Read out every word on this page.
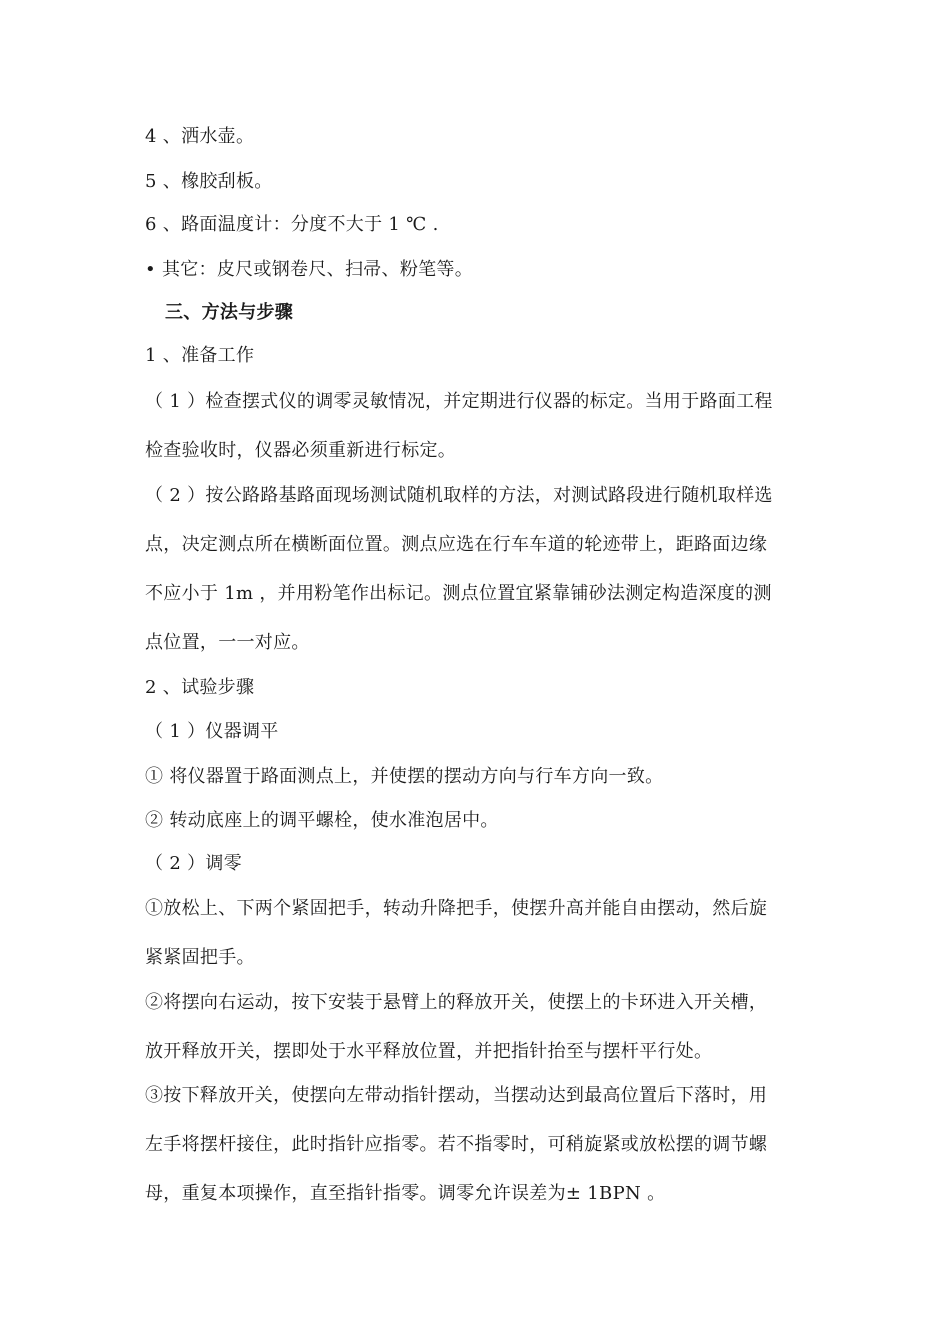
4 、洒水壶。
5 、橡胶刮板。
6 、路面温度计：分度不大于 1 ℃ .
• 其它：皮尺或钢卷尺、扫帚、粉笔等。
三、方法与步骤
1 、准备工作
（ 1 ）检查摆式仪的调零灵敏情况，并定期进行仪器的标定。当用于路面工程
检查验收时，仪器必须重新进行标定。
（ 2 ）按公路路基路面现场测试随机取样的方法，对测试路段进行随机取样选
点，决定测点所在横断面位置。测点应选在行车车道的轮迹带上，距路面边缘
不应小于 1m ，并用粉笔作出标记。测点位置宜紧靠铺砂法测定构造深度的测
点位置，一一对应。
2 、试验步骤
（ 1 ）仪器调平
① 将仪器置于路面测点上，并使摆的摆动方向与行车方向一致。
② 转动底座上的调平螺栓，使水准泡居中。
（ 2 ）调零
①放松上、下两个紧固把手，转动升降把手，使摆升高并能自由摆动，然后旋
紧紧固把手。
②将摆向右运动，按下安装于悬臂上的释放开关，使摆上的卡环进入开关槽，
放开释放开关，摆即处于水平释放位置，并把指针抬至与摆杆平行处。
③按下释放开关，使摆向左带动指针摆动，当摆动达到最高位置后下落时，用
左手将摆杆接住，此时指针应指零。若不指零时，可稍旋紧或放松摆的调节螺
母，重复本项操作，直至指针指零。调零允许误差为± 1BPN 。
